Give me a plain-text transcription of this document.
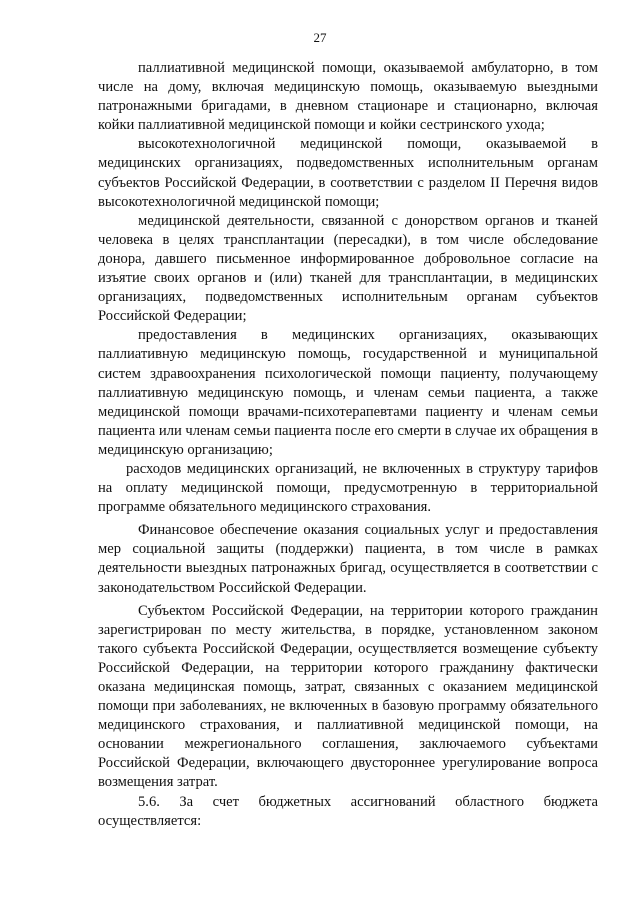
27

паллиативной медицинской помощи, оказываемой амбулаторно, в том числе на дому, включая медицинскую помощь, оказываемую выездными патронажными бригадами, в дневном стационаре и стационарно, включая койки паллиативной медицинской помощи и койки сестринского ухода;

высокотехнологичной медицинской помощи, оказываемой в медицинских организациях, подведомственных исполнительным органам субъектов Российской Федерации, в соответствии с разделом II Перечня видов высокотехнологичной медицинской помощи;

медицинской деятельности, связанной с донорством органов и тканей человека в целях трансплантации (пересадки), в том числе обследование донора, давшего письменное информированное добровольное согласие на изъятие своих органов и (или) тканей для трансплантации, в медицинских организациях, подведомственных исполнительным органам субъектов Российской Федерации;

предоставления в медицинских организациях, оказывающих паллиативную медицинскую помощь, государственной и муниципальной систем здравоохранения психологической помощи пациенту, получающему паллиативную медицинскую помощь, и членам семьи пациента, а также медицинской помощи врачами-психотерапевтами пациенту и членам семьи пациента или членам семьи пациента после его смерти в случае их обращения в медицинскую организацию;

расходов медицинских организаций, не включенных в структуру тарифов на оплату медицинской помощи, предусмотренную в территориальной программе обязательного медицинского страхования.

Финансовое обеспечение оказания социальных услуг и предоставления мер социальной защиты (поддержки) пациента, в том числе в рамках деятельности выездных патронажных бригад, осуществляется в соответствии с законодательством Российской Федерации.

Субъектом Российской Федерации, на территории которого гражданин зарегистрирован по месту жительства, в порядке, установленном законом такого субъекта Российской Федерации, осуществляется возмещение субъекту Российской Федерации, на территории которого гражданину фактически оказана медицинская помощь, затрат, связанных с оказанием медицинской помощи при заболеваниях, не включенных в базовую программу обязательного медицинского страхования, и паллиативной медицинской помощи, на основании межрегионального соглашения, заключаемого субъектами Российской Федерации, включающего двустороннее урегулирование вопроса возмещения затрат.

5.6. За счет бюджетных ассигнований областного бюджета осуществляется:
